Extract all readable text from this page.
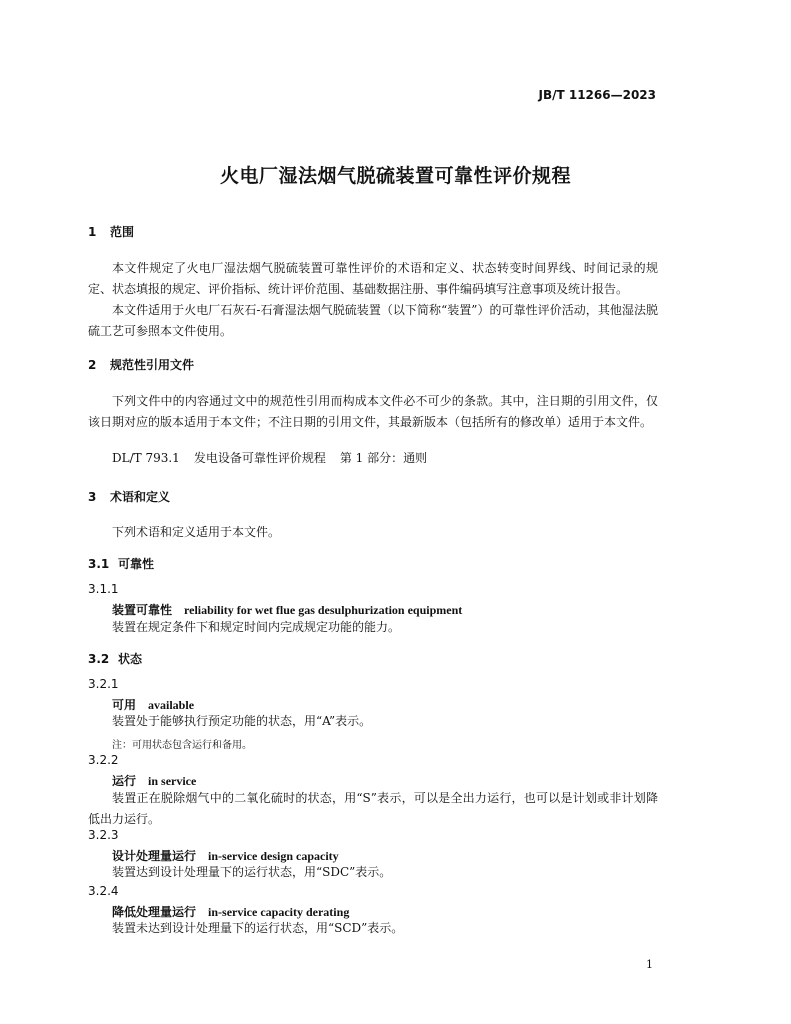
JB/T 11266—2023
火电厂湿法烟气脱硫装置可靠性评价规程
1 范围

本文件规定了火电厂湿法烟气脱硫装置可靠性评价的术语和定义、状态转变时间界线、时间记录的规定、状态填报的规定、评价指标、统计评价范围、基础数据注册、事件编码填写注意事项及统计报告。

本文件适用于火电厂石灰石-石膏湿法烟气脱硫装置（以下简称“装置”）的可靠性评价活动，其他湿法脱硫工艺可参照本文件使用。

2 规范性引用文件

下列文件中的内容通过文中的规范性引用而构成本文件必不可少的条款。其中，注日期的引用文件，仅该日期对应的版本适用于本文件；不注日期的引用文件，其最新版本（包括所有的修改单）适用于本文件。

DL/T 793.1 发电设备可靠性评价规程 第 1 部分：通则
3 术语和定义

下列术语和定义适用于本文件。

3.1 可靠性
3.1.1
装置可靠性 reliability for wet flue gas desulphurization equipment

装置在规定条件下和规定时间内完成规定功能的能力。

3.2 状态
3.2.1
可用 available

装置处于能够执行预定功能的状态，用“A”表示。

注：可用状态包含运行和备用。
3.2.2
运行 in service

装置正在脱除烟气中的二氧化硫时的状态，用“S”表示，可以是全出力运行，也可以是计划或非计划降低出力运行。

3.2.3
设计处理量运行 in-service design capacity

装置达到设计处理量下的运行状态，用“SDC”表示。

3.2.4
降低处理量运行 in-service capacity derating

装置未达到设计处理量下的运行状态，用“SCD”表示。

1
